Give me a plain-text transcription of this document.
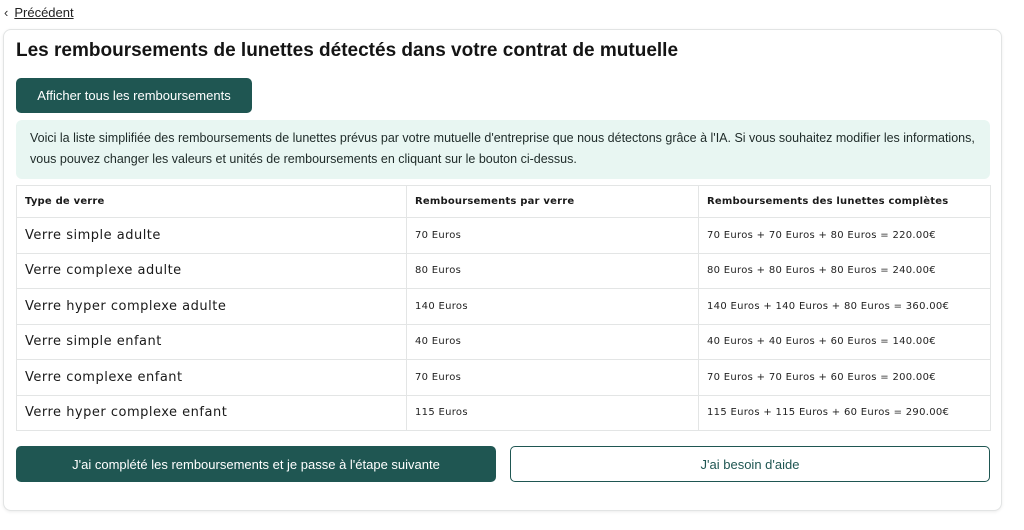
‹ Précédent
Les remboursements de lunettes détectés dans votre contrat de mutuelle
Afficher tous les remboursements
Voici la liste simplifiée des remboursements de lunettes prévus par votre mutuelle d'entreprise que nous détectons grâce à l'IA. Si vous souhaitez modifier les informations, vous pouvez changer les valeurs et unités de remboursements en cliquant sur le bouton ci-dessus.
Type de verre	Remboursements par verre	Remboursements des lunettes complètes
Verre simple adulte	70 Euros	70 Euros + 70 Euros + 80 Euros = 220.00€
Verre complexe adulte	80 Euros	80 Euros + 80 Euros + 80 Euros = 240.00€
Verre hyper complexe adulte	140 Euros	140 Euros + 140 Euros + 80 Euros = 360.00€
Verre simple enfant	40 Euros	40 Euros + 40 Euros + 60 Euros = 140.00€
Verre complexe enfant	70 Euros	70 Euros + 70 Euros + 60 Euros = 200.00€
Verre hyper complexe enfant	115 Euros	115 Euros + 115 Euros + 60 Euros = 290.00€
J'ai complété les remboursements et je passe à l'étape suivante	J'ai besoin d'aide
